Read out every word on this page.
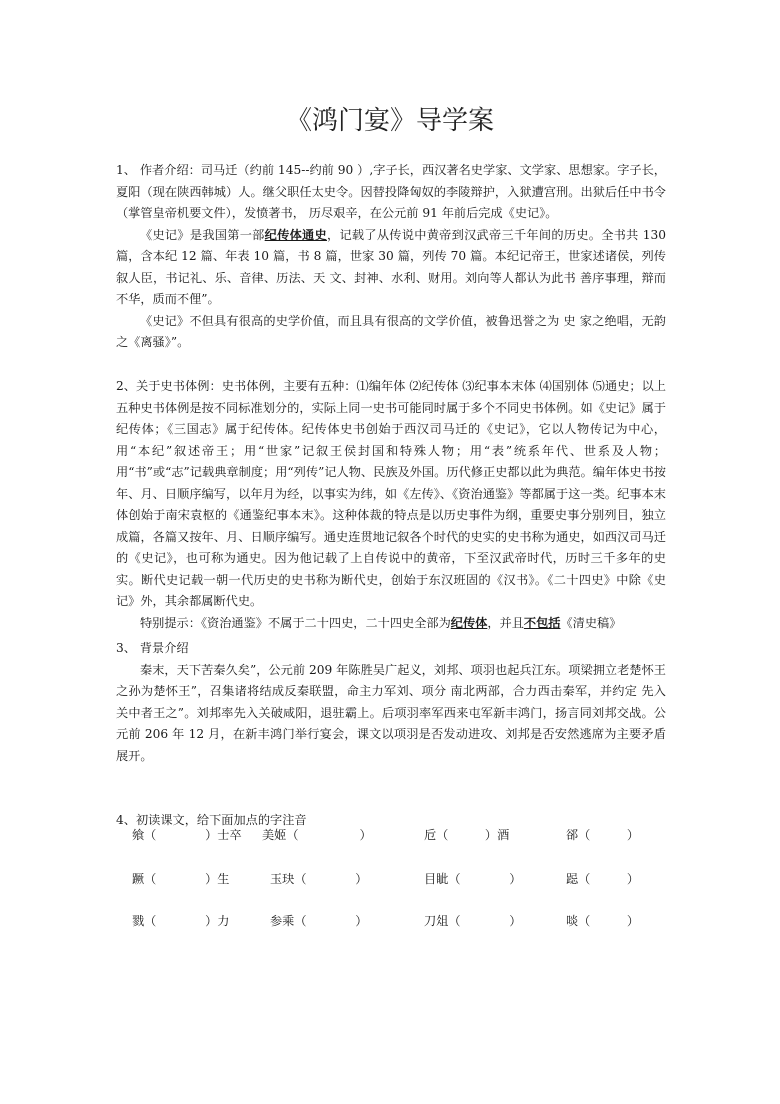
《鸿门宴》导学案

1、 作者介绍：司马迁（约前 145--约前 90 ）,字子长，西汉著名史学家、文学家、思想家。字子长，夏阳（现在陕西韩城）人。继父职任太史令。因替投降匈奴的李陵辩护，入狱遭宫刑。出狱后任中书令（掌管皇帝机要文件），发愤著书， 历尽艰辛，在公元前 91 年前后完成《史记》。

《史记》是我国第一部纪传体通史，记载了从传说中黄帝到汉武帝三千年间的历史。全书共 130 篇，含本纪 12 篇、年表 10 篇，书 8 篇，世家 30 篇，列传 70 篇。本纪记帝王，世家述诸侯，列传叙人臣，书记礼、乐、音律、历法、天 文、封神、水利、财用。刘向等人都认为此书 善序事理，辩而不华，质而不俚”。

《史记》不但具有很高的史学价值，而且具有很高的文学价值，被鲁迅誉之为 史 家之绝唱，无韵之《离骚》”。

2、关于史书体例：史书体例，主要有五种：⑴编年体 ⑵纪传体 ⑶纪事本末体 ⑷国别体 ⑸通史；以上五种史书体例是按不同标准划分的，实际上同一史书可能同时属于多个不同史书体例。如《史记》属于纪传体；《三国志》属于纪传体。纪传体史书创始于西汉司马迁的《史记》，它以人物传记为中心，用“本纪”叙述帝王；用“世家”记叙王侯封国和特殊人物；用“表”统系年代、世系及人物；用“书”或“志”记载典章制度；用“列传”记人物、民族及外国。历代修正史都以此为典范。编年体史书按年、月、日顺序编写，以年月为经，以事实为纬，如《左传》、《资治通鉴》等都属于这一类。纪事本末体创始于南宋袁枢的《通鉴纪事本末》。这种体裁的特点是以历史事件为纲，重要史事分别列目，独立成篇，各篇又按年、月、日顺序编写。通史连贯地记叙各个时代的史实的史书称为通史，如西汉司马迁的《史记》，也可称为通史。因为他记载了上自传说中的黄帝，下至汉武帝时代，历时三千多年的史实。断代史记载一朝一代历史的史书称为断代史，创始于东汉班固的《汉书》。《二十四史》中除《史记》外，其余都属断代史。

特别提示：《资治通鉴》不属于二十四史，二十四史全部为纪传体，并且不包括《清史稿》

3、 背景介绍

秦末，天下苦秦久矣”，公元前 209 年陈胜吴广起义，刘邦、项羽也起兵江东。项梁拥立老楚怀王之孙为楚怀王”，召集诸将结成反秦联盟，命主力军刘、项分 南北两部，合力西击秦军，并约定 先入关中者王之”。刘邦率先入关破咸阳，退驻霸上。后项羽率军西来屯军新丰鸿门，扬言同刘邦交战。公元前 206 年 12 月，在新丰鸿门举行宴会，课文以项羽是否发动进攻、刘邦是否安然逃席为主要矛盾展开。

4、初读课文，给下面加点的字注音

飨（　　　　）士卒 美姬（　　　　　）	卮（　　　）酒	郤（　　　）
蹶（　　　　）生	玉玦（　　　　）	目眦（　　　　）	跽（　　　）
戮（　　　　）力	参乘（　　　　）	刀俎（　　　　）	啖（　　　）
